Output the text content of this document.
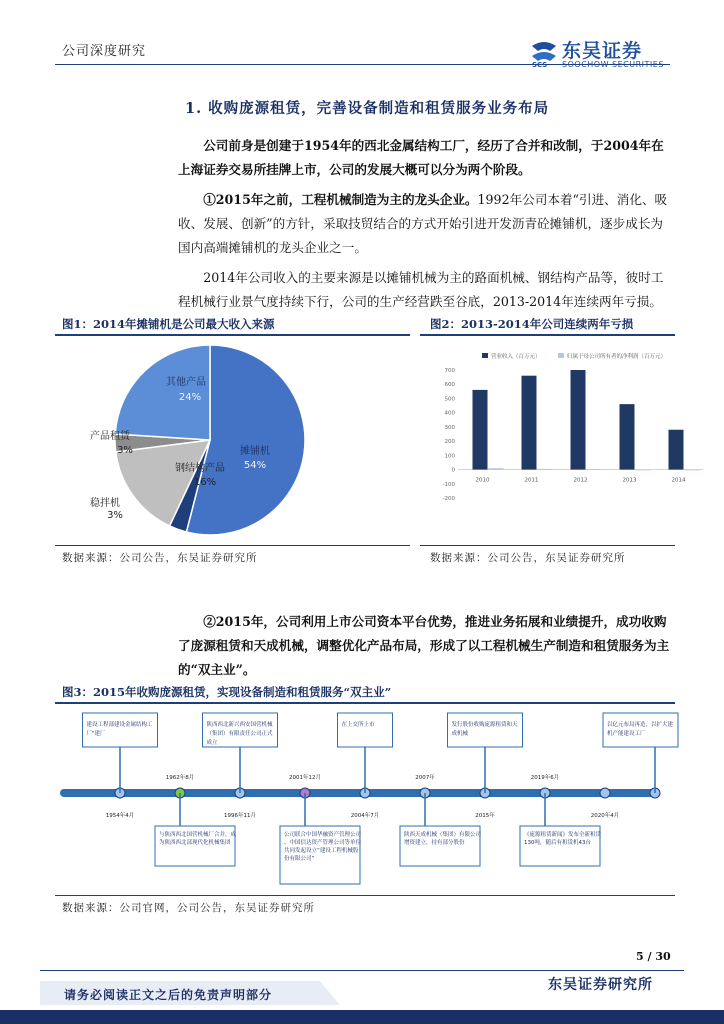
公司深度研究	东吴证券
1. 收购庞源租赁，完善设备制造和租赁服务业务布局
公司前身是创建于1954年的西北金属结构工厂，经历了合并和改制，于2004年在上海证券交易所挂牌上市，公司的发展大概可以分为两个阶段。
①2015年之前，工程机械制造为主的龙头企业。1992年公司本着“引进、消化、吸收、发展、创新”的方针，采取技贸结合的方式开始引进开发沥青砼摊铺机，逐步成长为国内高端摊铺机的龙头企业之一。
2014年公司收入的主要来源是以摊铺机械为主的路面机械、钢结构产品等，彼时工程机械行业景气度持续下行，公司的生产经营跌至谷底，2013-2014年连续两年亏损。
图1：2014年摊铺机是公司最大收入来源	图2：2013-2014年公司连续两年亏损
摊铺机
54%
稳拌机
3%
钢结构产品
16%
产品租赁
3%
其他产品
24%
营业收入（百万元）	归属于母公司所有者的净利润（百万元）
700
600
500
400
300
200
100
0
-100
-200
2010	2011	2012	2013	2014
数据来源：公司公告，东吴证券研究所	数据来源：公司公告，东吴证券研究所
②2015年，公司利用上市公司资本平台优势，推进业务拓展和业绩提升，成功收购了庞源租赁和天成机械，调整优化产品布局，形成了以工程机械生产制造和租赁服务为主的“双主业”。
图3：2015年收购庞源租赁，实现设备制造和租赁服务“双主业”
建设工程部建设金属结构工
厂"建厂
陕西西北新兴西安国营机械
（集团）有限责任公司正式
成立
在上交所上市	发行股份收购庞源租赁和天
成机械
以亿元布局再造，以扩大建
机产能建设工厂
1962年8月	2001年12月	2007年	2019年6月
1954年4月	1996年11月	2004年7月	2015年	2020年4月
与陕西西北国营机械厂合并，成
为陕西西北部现代化机械集团
公司联合中国华融资产管理公司
、中国信达资产管理公司等单位
共同发起设立“建设工程机械股
份有限公司”
陕西天成机械（集团）有限公司
增资建立，持有部分股份
《庞源租赁新闻》发布全新租赁
130吨，随后有租赁机43台
数据来源：公司官网，公司公告，东吴证券研究所
5 / 30
请务必阅读正文之后的免责声明部分
东吴证券研究所
